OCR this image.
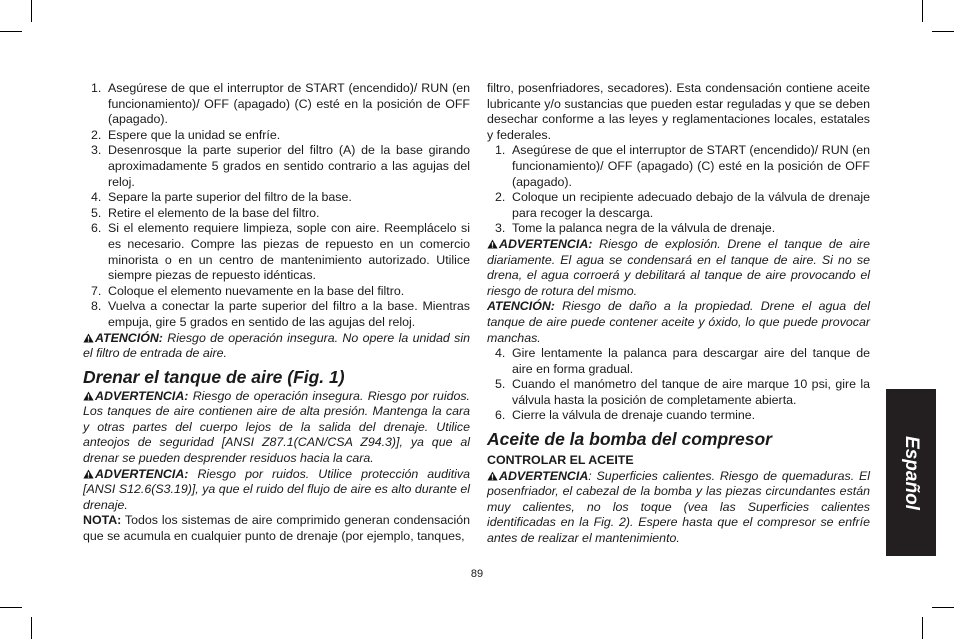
1. Asegúrese de que el interruptor de START (encendido)/ RUN (en funcionamiento)/ OFF (apagado) (C) esté en la posición de OFF (apagado).
2. Espere que la unidad se enfríe.
3. Desenrosque la parte superior del filtro (A) de la base girando aproximadamente 5 grados en sentido contrario a las agujas del reloj.
4. Separe la parte superior del filtro de la base.
5. Retire el elemento de la base del filtro.
6. Si el elemento requiere limpieza, sople con aire. Reemplácelo si es necesario. Compre las piezas de repuesto en un comercio minorista o en un centro de mantenimiento autorizado. Utilice siempre piezas de repuesto idénticas.
7. Coloque el elemento nuevamente en la base del filtro.
8. Vuelva a conectar la parte superior del filtro a la base. Mientras empuja, gire 5 grados en sentido de las agujas del reloj.

ATENCIÓN: Riesgo de operación insegura. No opere la unidad sin el filtro de entrada de aire.

Drenar el tanque de aire (Fig. 1)

ADVERTENCIA: Riesgo de operación insegura. Riesgo por ruidos. Los tanques de aire contienen aire de alta presión. Mantenga la cara y otras partes del cuerpo lejos de la salida del drenaje. Utilice anteojos de seguridad [ANSI Z87.1(CAN/CSA Z94.3)], ya que al drenar se pueden desprender residuos hacia la cara.

ADVERTENCIA: Riesgo por ruidos. Utilice protección auditiva [ANSI S12.6(S3.19)], ya que el ruido del flujo de aire es alto durante el drenaje.

NOTA: Todos los sistemas de aire comprimido generan condensación que se acumula en cualquier punto de drenaje (por ejemplo, tanques,

filtro, posenfriadores, secadores). Esta condensación contiene aceite lubricante y/o sustancias que pueden estar reguladas y que se deben desechar conforme a las leyes y reglamentaciones locales, estatales y federales.

1. Asegúrese de que el interruptor de START (encendido)/ RUN (en funcionamiento)/ OFF (apagado) (C) esté en la posición de OFF (apagado).
2. Coloque un recipiente adecuado debajo de la válvula de drenaje para recoger la descarga.
3. Tome la palanca negra de la válvula de drenaje.

ADVERTENCIA: Riesgo de explosión. Drene el tanque de aire diariamente. El agua se condensará en el tanque de aire. Si no se drena, el agua corroerá y debilitará al tanque de aire provocando el riesgo de rotura del mismo.

ATENCIÓN: Riesgo de daño a la propiedad. Drene el agua del tanque de aire puede contener aceite y óxido, lo que puede provocar manchas.

4. Gire lentamente la palanca para descargar aire del tanque de aire en forma gradual.
5. Cuando el manómetro del tanque de aire marque 10 psi, gire la válvula hasta la posición de completamente abierta.
6. Cierre la válvula de drenaje cuando termine.
Aceite de la bomba del compresor
CONTROLAR EL ACEITE

ADVERTENCIA: Superficies calientes. Riesgo de quemaduras. El posenfriador, el cabezal de la bomba y las piezas circundantes están muy calientes, no los toque (vea las Superficies calientes identificadas en la Fig. 2). Espere hasta que el compresor se enfríe antes de realizar el mantenimiento.

Español
89
